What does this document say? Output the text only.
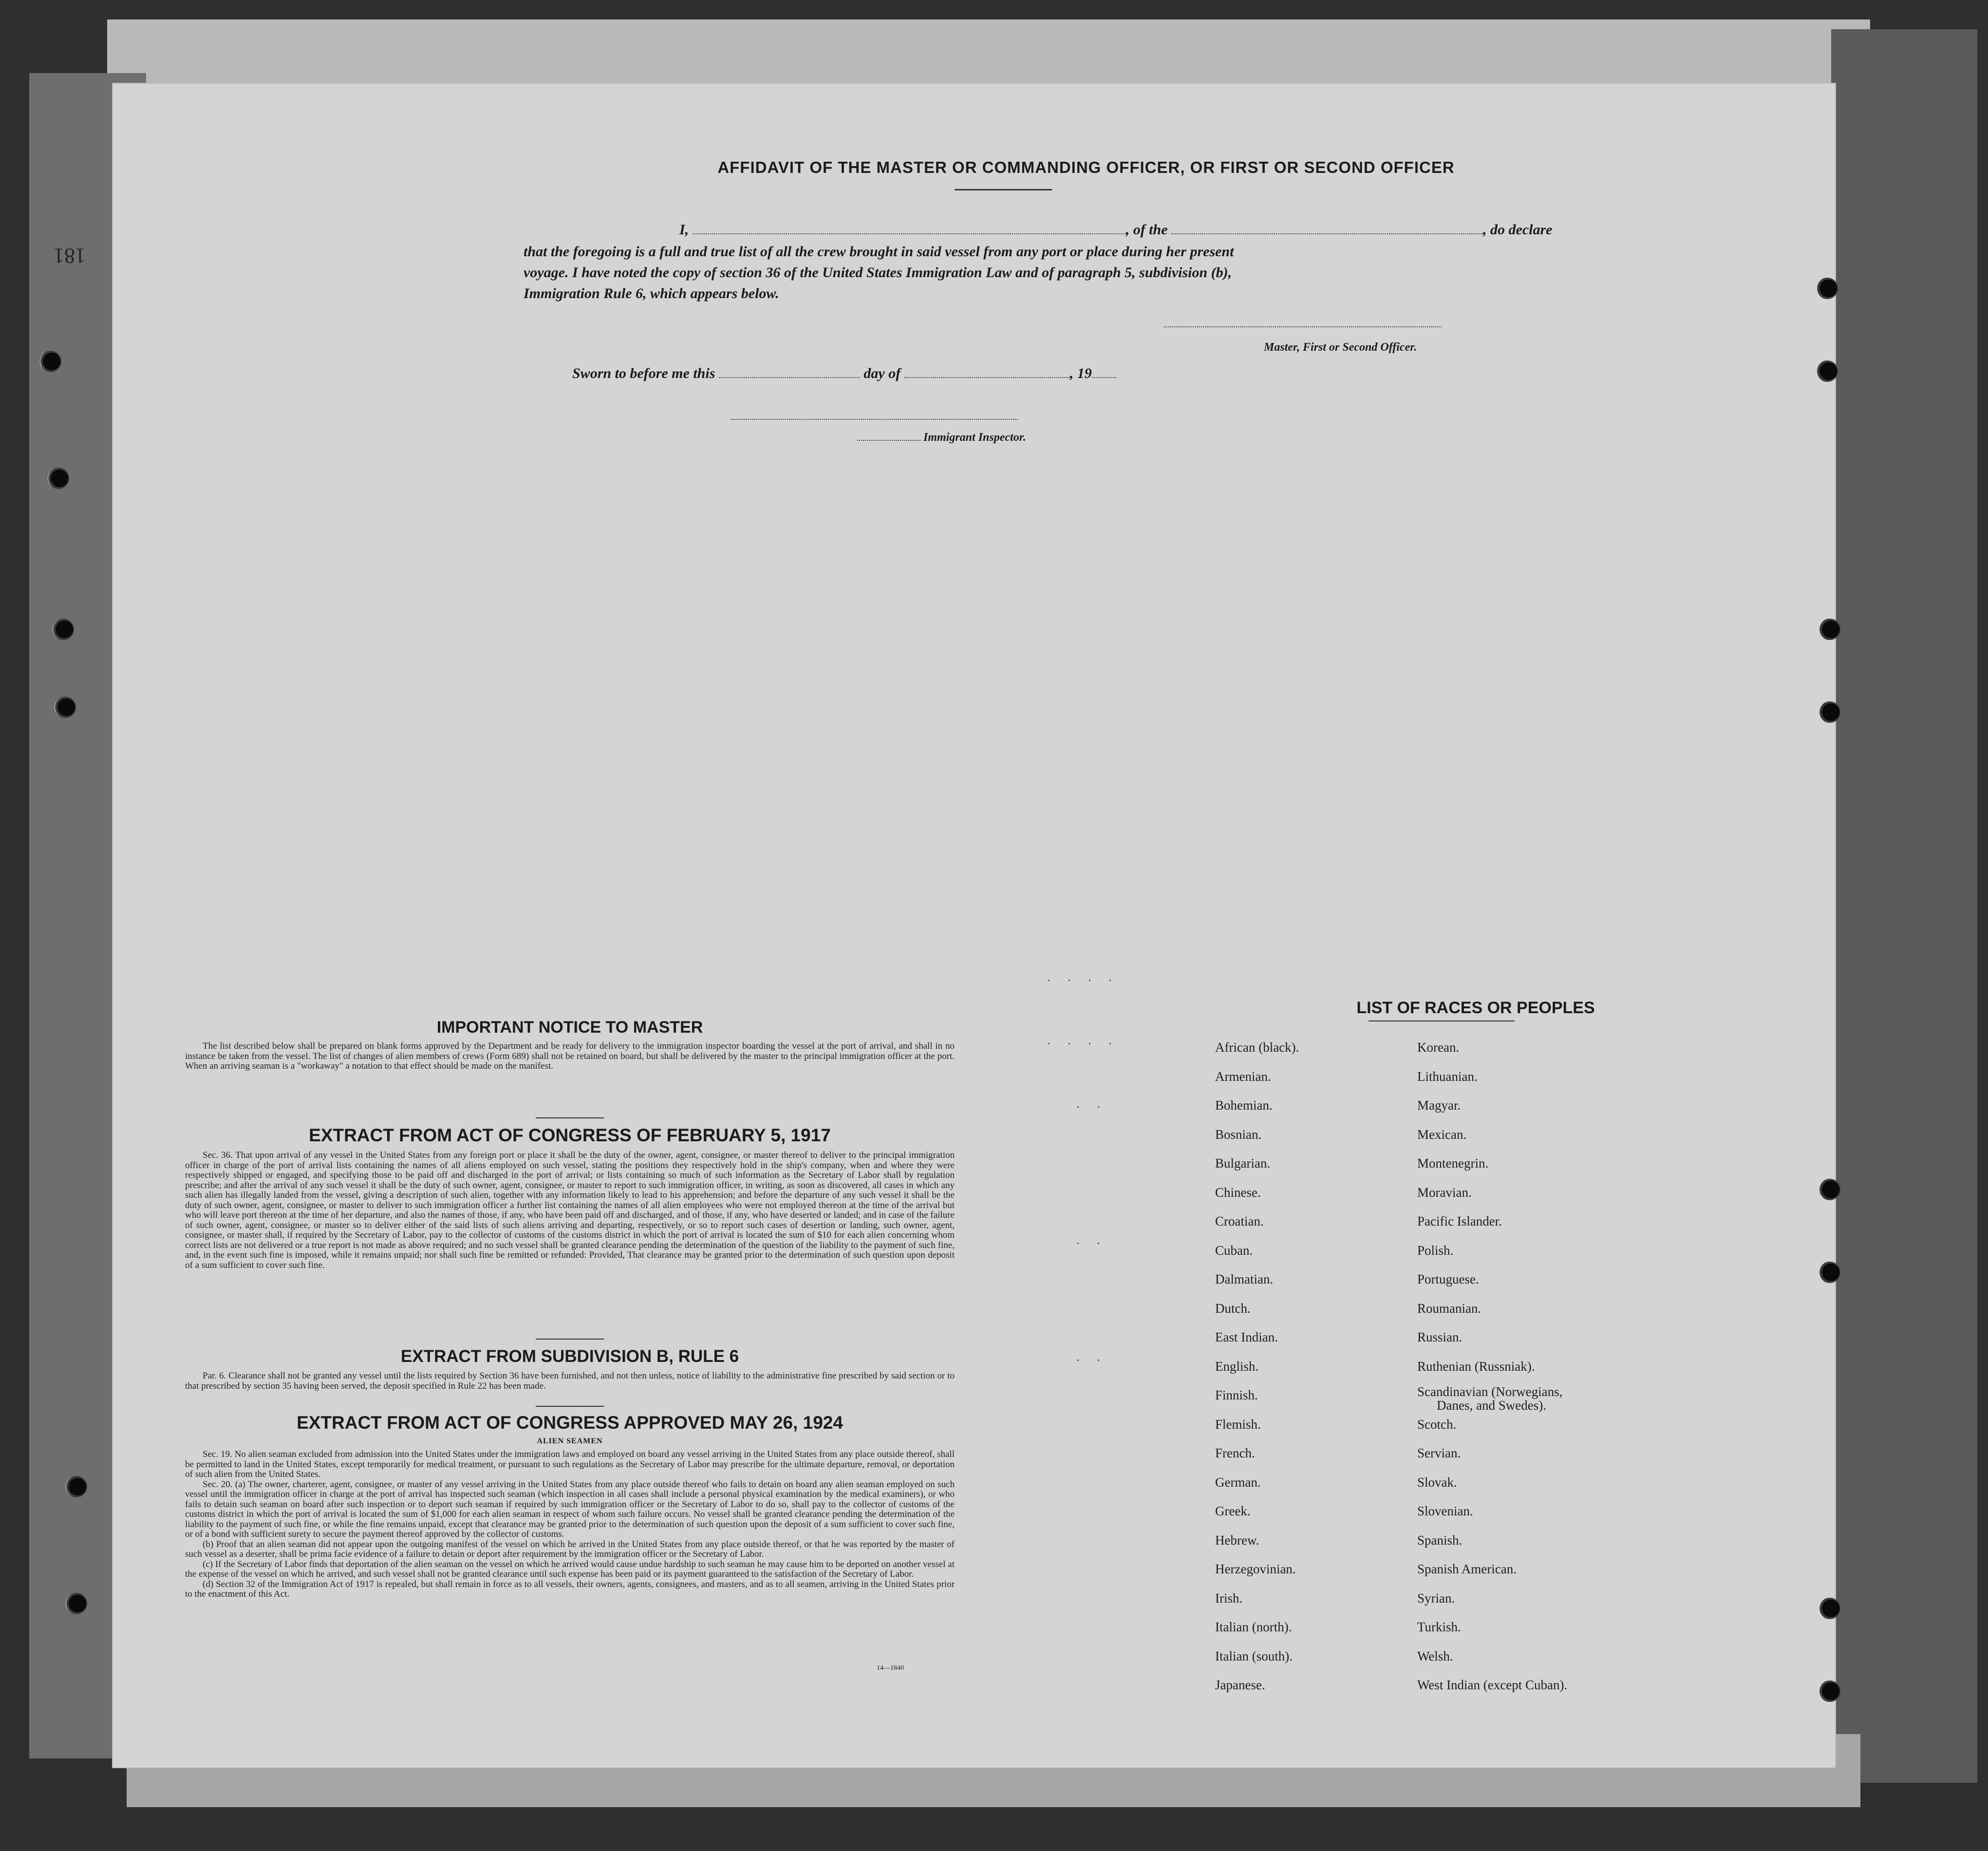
181
AFFIDAVIT OF THE MASTER OR COMMANDING OFFICER, OR FIRST OR SECOND OFFICER
I,	, of the	, do declare
that the foregoing is a full and true list of all the crew brought in said vessel from any port or place during her present
voyage. I have noted the copy of section 36 of the United States Immigration Law and of paragraph 5, subdivision (b),
Immigration Rule 6, which appears below.
Master, First or Second Officer.
Sworn to before me this	day of	, 19
Immigrant Inspector.
. . . .
. . . .
. .
. .
. .
IMPORTANT NOTICE TO MASTER

The list described below shall be prepared on blank forms approved by the Department and be ready for delivery to the immigration inspector boarding the vessel at the port of arrival, and shall in no instance be taken from the vessel. The list of changes of alien members of crews (Form 689) shall not be retained on board, but shall be delivered by the master to the principal immigration officer at the port. When an arriving seaman is a "workaway" a notation to that effect should be made on the manifest.

EXTRACT FROM ACT OF CONGRESS OF FEBRUARY 5, 1917

Sec. 36. That upon arrival of any vessel in the United States from any foreign port or place it shall be the duty of the owner, agent, consignee, or master thereof to deliver to the principal immigration officer in charge of the port of arrival lists containing the names of all aliens employed on such vessel, stating the positions they respectively hold in the ship's company, when and where they were respectively shipped or engaged, and specifying those to be paid off and discharged in the port of arrival; or lists containing so much of such information as the Secretary of Labor shall by regulation prescribe; and after the arrival of any such vessel it shall be the duty of such owner, agent, consignee, or master to report to such immigration officer, in writing, as soon as discovered, all cases in which any such alien has illegally landed from the vessel, giving a description of such alien, together with any information likely to lead to his apprehension; and before the departure of any such vessel it shall be the duty of such owner, agent, consignee, or master to deliver to such immigration officer a further list containing the names of all alien employees who were not employed thereon at the time of the arrival but who will leave port thereon at the time of her departure, and also the names of those, if any, who have been paid off and discharged, and of those, if any, who have deserted or landed; and in case of the failure of such owner, agent, consignee, or master so to deliver either of the said lists of such aliens arriving and departing, respectively, or so to report such cases of desertion or landing, such owner, agent, consignee, or master shall, if required by the Secretary of Labor, pay to the collector of customs of the customs district in which the port of arrival is located the sum of $10 for each alien concerning whom correct lists are not delivered or a true report is not made as above required; and no such vessel shall be granted clearance pending the determination of the question of the liability to the payment of such fine, and, in the event such fine is imposed, while it remains unpaid; nor shall such fine be remitted or refunded: Provided, That clearance may be granted prior to the determination of such question upon deposit of a sum sufficient to cover such fine.

EXTRACT FROM SUBDIVISION B, RULE 6

Par. 6. Clearance shall not be granted any vessel until the lists required by Section 36 have been furnished, and not then unless, notice of liability to the administrative fine prescribed by said section or to that prescribed by section 35 having been served, the deposit specified in Rule 22 has been made.

EXTRACT FROM ACT OF CONGRESS APPROVED MAY 26, 1924
ALIEN SEAMEN

Sec. 19. No alien seaman excluded from admission into the United States under the immigration laws and employed on board any vessel arriving in the United States from any place outside thereof, shall be permitted to land in the United States, except temporarily for medical treatment, or pursuant to such regulations as the Secretary of Labor may prescribe for the ultimate departure, removal, or deportation of such alien from the United States.

Sec. 20. (a) The owner, charterer, agent, consignee, or master of any vessel arriving in the United States from any place outside thereof who fails to detain on board any alien seaman employed on such vessel until the immigration officer in charge at the port of arrival has inspected such seaman (which inspection in all cases shall include a personal physical examination by the medical examiners), or who fails to detain such seaman on board after such inspection or to deport such seaman if required by such immigration officer or the Secretary of Labor to do so, shall pay to the collector of customs of the customs district in which the port of arrival is located the sum of $1,000 for each alien seaman in respect of whom such failure occurs. No vessel shall be granted clearance pending the determination of the liability to the payment of such fine, or while the fine remains unpaid, except that clearance may be granted prior to the determination of such question upon the deposit of a sum sufficient to cover such fine, or of a bond with sufficient surety to secure the payment thereof approved by the collector of customs.

(b) Proof that an alien seaman did not appear upon the outgoing manifest of the vessel on which he arrived in the United States from any place outside thereof, or that he was reported by the master of such vessel as a deserter, shall be prima facie evidence of a failure to detain or deport after requirement by the immigration officer or the Secretary of Labor.

(c) If the Secretary of Labor finds that deportation of the alien seaman on the vessel on which he arrived would cause undue hardship to such seaman he may cause him to be deported on another vessel at the expense of the vessel on which he arrived, and such vessel shall not be granted clearance until such expense has been paid or its payment guaranteed to the satisfaction of the Secretary of Labor.

(d) Section 32 of the Immigration Act of 1917 is repealed, but shall remain in force as to all vessels, their owners, agents, consignees, and masters, and as to all seamen, arriving in the United States prior to the enactment of this Act.

14—1840
LIST OF RACES OR PEOPLES
African (black).
Armenian.
Bohemian.
Bosnian.
Bulgarian.
Chinese.
Croatian.
Cuban.
Dalmatian.
Dutch.
East Indian.
English.
Finnish.
Flemish.
French.
German.
Greek.
Hebrew.
Herzegovinian.
Irish.
Italian (north).
Italian (south).
Japanese.
Korean.
Lithuanian.
Magyar.
Mexican.
Montenegrin.
Moravian.
Pacific Islander.
Polish.
Portuguese.
Roumanian.
Russian.
Ruthenian (Russniak).
Scandinavian (Norwegians,
Danes, and Swedes).
Scotch.
Servian.
Slovak.
Slovenian.
Spanish.
Spanish American.
Syrian.
Turkish.
Welsh.
West Indian (except Cuban).
